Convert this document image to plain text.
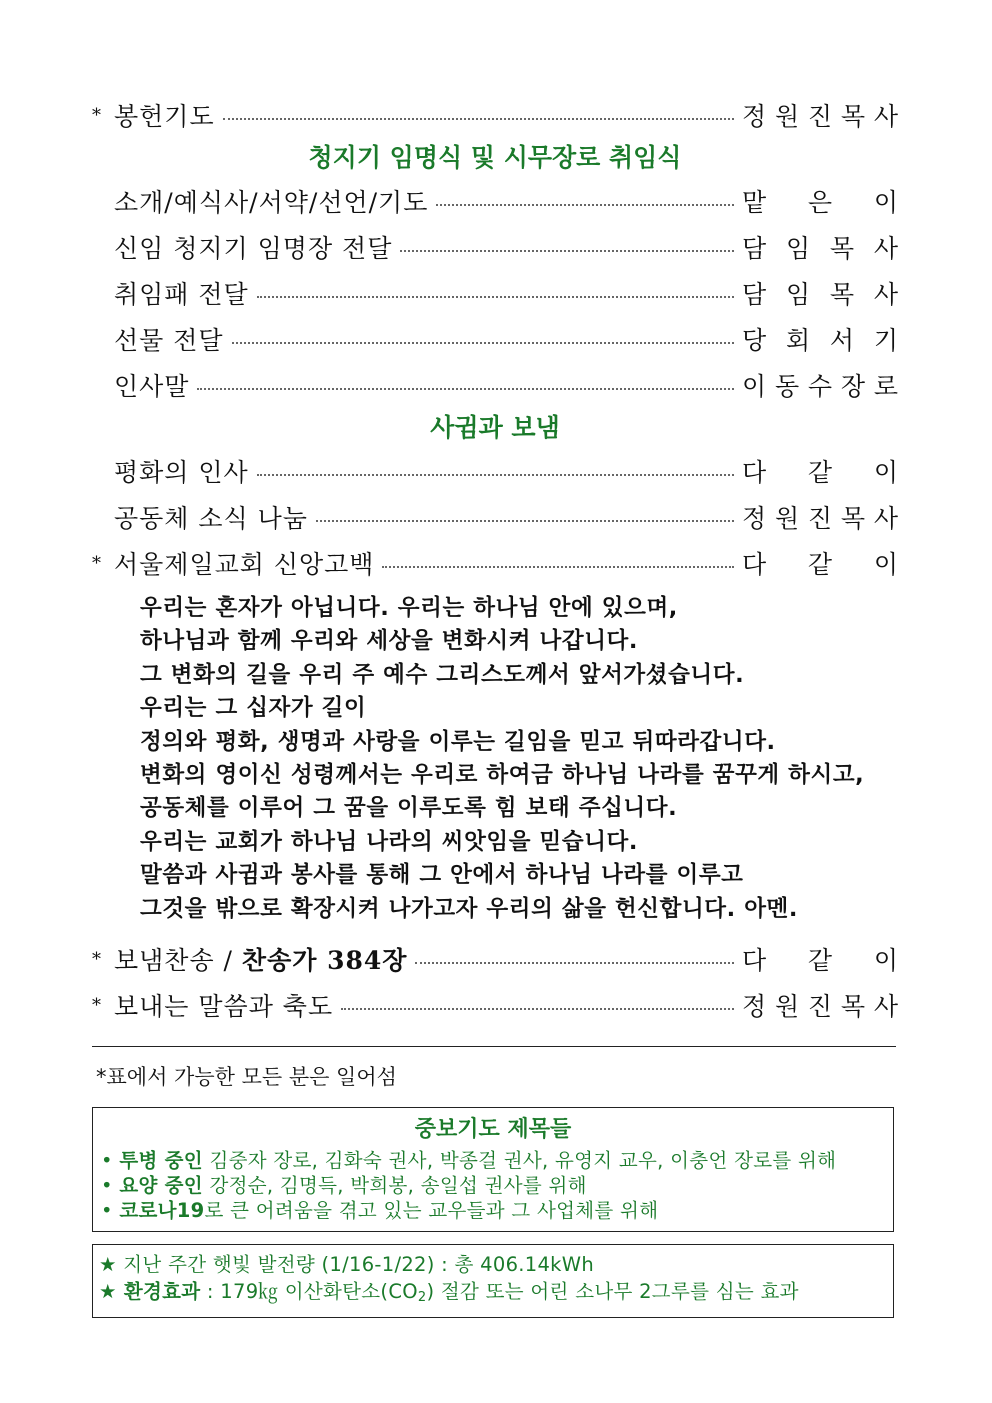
* 봉헌기도	정 원 진 목 사
청지기 임명식 및 시무장로 취임식
소개/예식사/서약/선언/기도	맡 은 이
신임 청지기 임명장 전달	담 임 목 사
취임패 전달	담 임 목 사
선물 전달	당 회 서 기
인사말	이 동 수 장 로
사귐과 보냄
평화의 인사	다 같 이
공동체 소식 나눔	정 원 진 목 사
* 서울제일교회 신앙고백	다 같 이
우리는 혼자가 아닙니다. 우리는 하나님 안에 있으며,
하나님과 함께 우리와 세상을 변화시켜 나갑니다.
그 변화의 길을 우리 주 예수 그리스도께서 앞서가셨습니다.
우리는 그 십자가 길이
정의와 평화, 생명과 사랑을 이루는 길임을 믿고 뒤따라갑니다.
변화의 영이신 성령께서는 우리로 하여금 하나님 나라를 꿈꾸게 하시고,
공동체를 이루어 그 꿈을 이루도록 힘 보태 주십니다.
우리는 교회가 하나님 나라의 씨앗임을 믿습니다.
말씀과 사귐과 봉사를 통해 그 안에서 하나님 나라를 이루고
그것을 밖으로 확장시켜 나가고자 우리의 삶을 헌신합니다. 아멘.
* 보냄찬송 / 찬송가 384장	다 같 이
* 보내는 말씀과 축도	정 원 진 목 사
*표에서 가능한 모든 분은 일어섬
중보기도 제목들
• 투병 중인 김중자 장로, 김화숙 권사, 박종걸 권사, 유영지 교우, 이충언 장로를 위해
• 요양 중인 강정순, 김명득, 박희봉, 송일섭 권사를 위해
• 코로나19로 큰 어려움을 겪고 있는 교우들과 그 사업체를 위해
★ 지난 주간 햇빛 발전량 (1/16-1/22) : 총 406.14kWh
★ 환경효과 : 179㎏ 이산화탄소$(CO_2)$ 절감 또는 어린 소나무 2그루를 심는 효과
